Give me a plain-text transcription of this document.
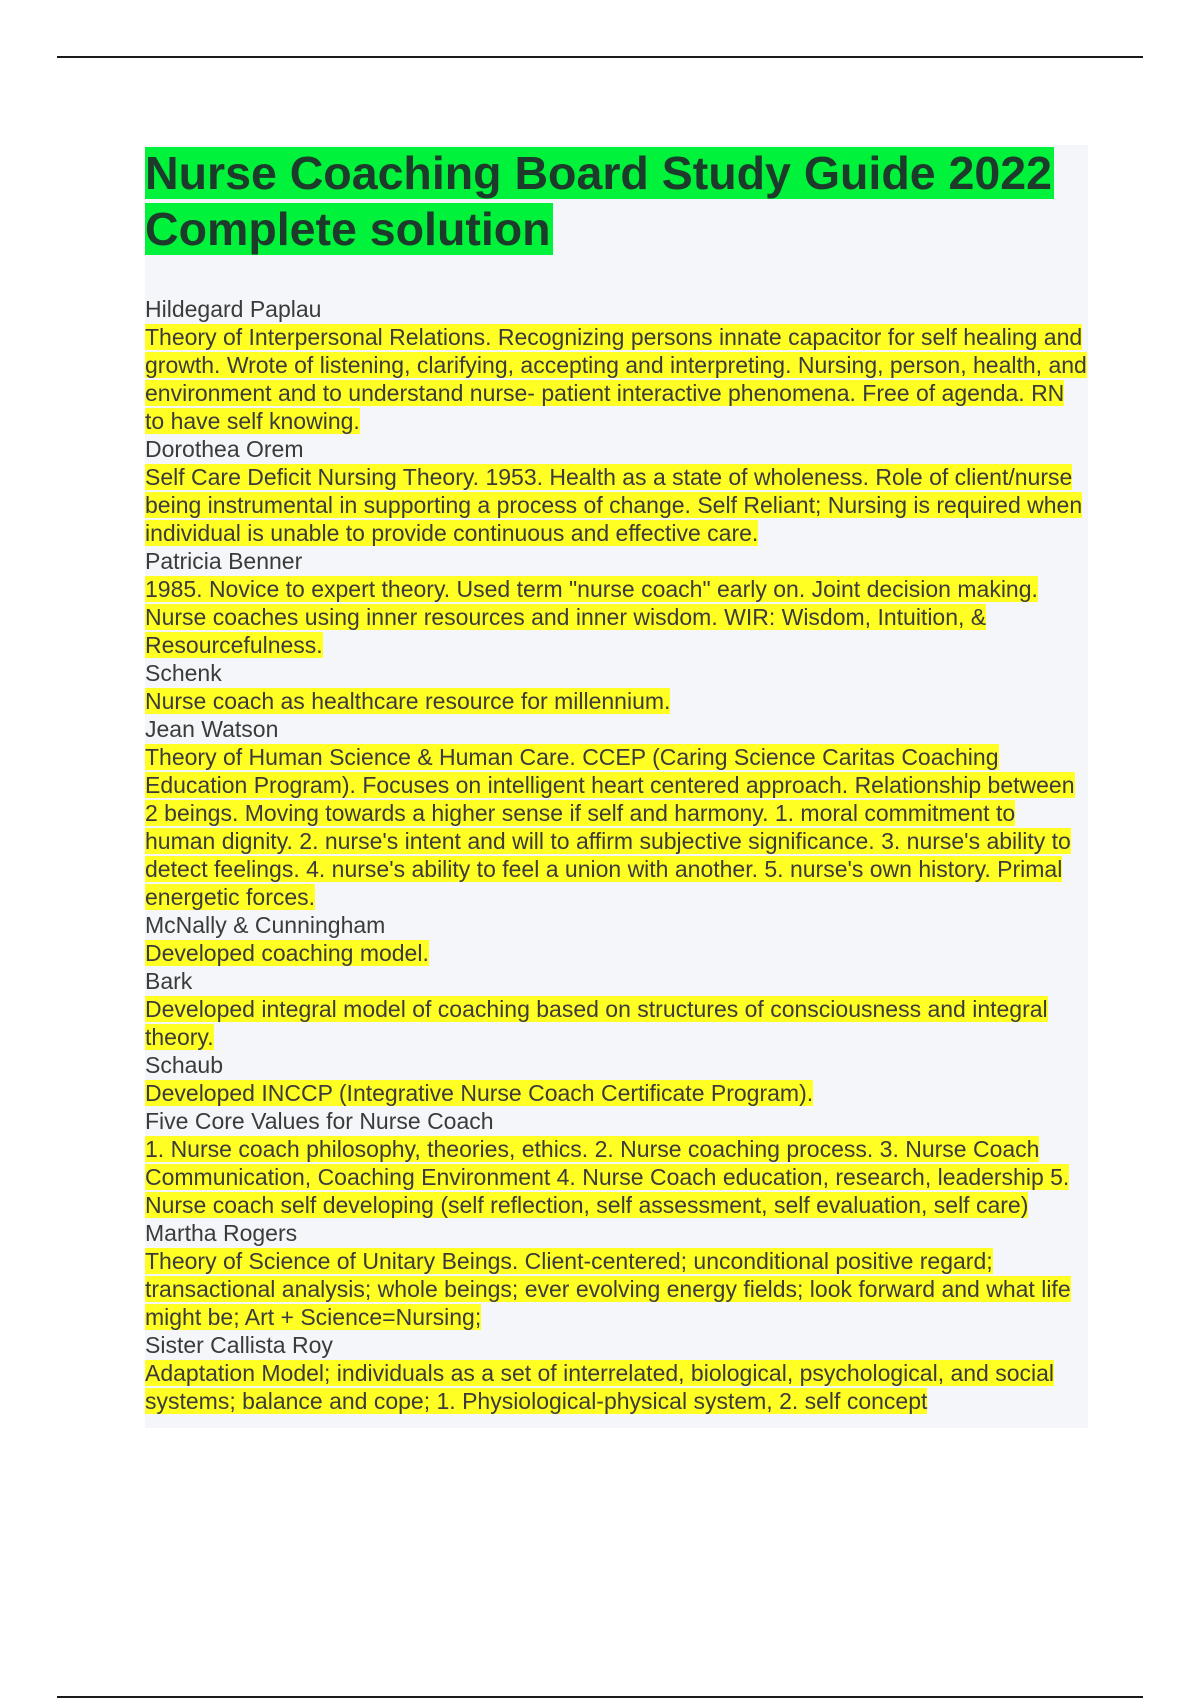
Nurse Coaching Board Study Guide 2022 Complete solution
Hildegard Paplau
Theory of Interpersonal Relations. Recognizing persons innate capacitor for self healing and growth. Wrote of listening, clarifying, accepting and interpreting. Nursing, person, health, and environment and to understand nurse- patient interactive phenomena. Free of agenda. RN to have self knowing.
Dorothea Orem
Self Care Deficit Nursing Theory. 1953. Health as a state of wholeness. Role of client/nurse being instrumental in supporting a process of change. Self Reliant; Nursing is required when individual is unable to provide continuous and effective care.
Patricia Benner
1985. Novice to expert theory. Used term "nurse coach" early on. Joint decision making. Nurse coaches using inner resources and inner wisdom. WIR: Wisdom, Intuition, & Resourcefulness.
Schenk
Nurse coach as healthcare resource for millennium.
Jean Watson
Theory of Human Science & Human Care. CCEP (Caring Science Caritas Coaching Education Program). Focuses on intelligent heart centered approach. Relationship between 2 beings. Moving towards a higher sense if self and harmony. 1. moral commitment to human dignity. 2. nurse's intent and will to affirm subjective significance. 3. nurse's ability to detect feelings. 4. nurse's ability to feel a union with another. 5. nurse's own history. Primal energetic forces.
McNally & Cunningham
Developed coaching model.
Bark
Developed integral model of coaching based on structures of consciousness and integral theory.
Schaub
Developed INCCP (Integrative Nurse Coach Certificate Program).
Five Core Values for Nurse Coach
1. Nurse coach philosophy, theories, ethics. 2. Nurse coaching process. 3. Nurse Coach Communication, Coaching Environment 4. Nurse Coach education, research, leadership 5. Nurse coach self developing (self reflection, self assessment, self evaluation, self care)
Martha Rogers
Theory of Science of Unitary Beings. Client-centered; unconditional positive regard; transactional analysis; whole beings; ever evolving energy fields; look forward and what life might be; Art + Science=Nursing;
Sister Callista Roy
Adaptation Model; individuals as a set of interrelated, biological, psychological, and social systems; balance and cope; 1. Physiological-physical system, 2. self concept
